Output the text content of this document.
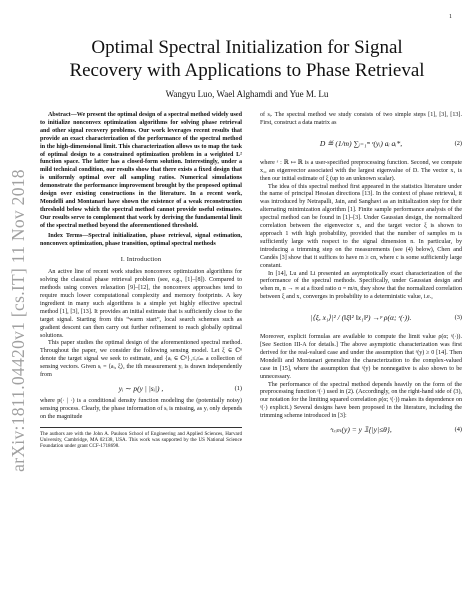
1
arXiv:1811.04420v1 [cs.IT] 11 Nov 2018
Optimal Spectral Initialization for Signal
Recovery with Applications to Phase Retrieval
Wangyu Luo, Wael Alghamdi and Yue M. Lu
Abstract—We present the optimal design of a spectral method widely used to initialize nonconvex optimization algorithms for solving phase retrieval and other signal recovery problems. Our work leverages recent results that provide an exact characterization of the performance of the spectral method in the high-dimensional limit. This characterization allows us to map the task of optimal design to a constrained optimization problem in a weighted L² function space. The latter has a closed-form solution. Interestingly, under a mild technical condition, our results show that there exists a fixed design that is uniformly optimal over all sampling ratios. Numerical simulations demonstrate the performance improvement brought by the proposed optimal design over existing constructions in the literature. In a recent work, Mondelli and Montanari have shown the existence of a weak reconstruction threshold below which the spectral method cannot provide useful estimates. Our results serve to complement that work by deriving the fundamental limit of the spectral method beyond the aforementioned threshold.
Index Terms—Spectral initialization, phase retrieval, signal estimation, nonconvex optimization, phase transition, optimal spectral methods
I. Introduction
An active line of recent work studies nonconvex optimization algorithms for solving the classical phase retrieval problem (see, e.g., [1]–[8]). Compared to methods using convex relaxation [9]–[12], the nonconvex approaches tend to require much lower computational complexity and memory footprints. A key ingredient in many such algorithms is a simple yet highly effective spectral method [1], [3], [13]. It provides an initial estimate that is sufficiently close to the target signal. Starting from this “warm start”, local search schemes such as gradient descent can then carry out further refinement to reach globally optimal solutions.
This paper studies the optimal design of the aforementioned spectral method. Throughout the paper, we consider the following sensing model. Let ξ ∈ ℂⁿ denote the target signal we seek to estimate, and {aᵢ ∈ ℂⁿ}₁≤ᵢ≤ₘ a collection of sensing vectors. Given sᵢ = ⟨aᵢ, ξ⟩, the ith measurement yᵢ is drawn independently from
yᵢ ∼ p(y | |sᵢ|) ,	(1)
where p(· | ·) is a conditional density function modeling the (potentially noisy) sensing process. Clearly, the phase information of sᵢ is missing, as yᵢ only depends on the magnitude
The authors are with the John A. Paulson School of Engineering and Applied Sciences, Harvard University, Cambridge, MA 02138, USA. This work was supported by the US National Science Foundation under grant CCF-1718698.
of sᵢ. The spectral method we study consists of two simple steps [1], [3], [13]. First, construct a data matrix as
D ≝ (1/m) ∑ᵢ₌₁ᵐ ᵋ(yᵢ) aᵢ aᵢ*,	(2)
where ᵋ : ℝ ↦ ℝ is a user-specified preprocessing function. Second, we compute x₁, an eigenvector associated with the largest eigenvalue of D. The vector x₁ is then our initial estimate of ξ (up to an unknown scalar).
The idea of this spectral method first appeared in the statistics literature under the name of principal Hessian directions [13]. In the context of phase retrieval, it was introduced by Netrapalli, Jain, and Sanghavi as an initialization step for their alternating minimization algorithm [1]. Finite sample performance analysis of the spectral method can be found in [1]–[3]. Under Gaussian design, the normalized correlation between the eigenvector x₁ and the target vector ξ is shown to approach 1 with high probability, provided that the number of samples m is sufficiently large with respect to the signal dimension n. In particular, by introducing a trimming step on the measurements (see (4) below), Chen and Candès [3] show that it suffices to have m ≥ cn, where c is some sufficiently large constant.
In [14], Lu and Li presented an asymptotically exact characterization of the performance of the spectral methods. Specifically, under Gaussian design and when m, n → ∞ at a fixed ratio α = m/n, they show that the normalized correlation between ξ and x₁ converges in probability to a deterministic value, i.e.,
|⟨ξ, x₁⟩|² / (‖ξ‖² ‖x₁‖²) →ᵖ ρ(α; ᵋ(·)).	(3)
Moreover, explicit formulas are available to compute the limit value ρ(α; ᵋ(·)). [See Section III-A for details.] The above asymptotic characterization was first derived for the real-valued case and under the assumption that ᵋ(y) ≥ 0 [14]. Then Mondelli and Montanari generalize the characterization to the complex-valued case in [15], where the assumption that ᵋ(y) be nonnegative is also shown to be unnecessary.
The performance of the spectral method depends heavily on the form of the preprocessing function ᵋ(·) used in (2). (Accordingly, on the right-hand side of (3), our notation for the limiting squared correlation ρ(α; ᵋ(·)) makes its dependence on ᵋ(·) explicit.) Several designs have been proposed in the literature, including the trimming scheme introduced in [3]:
ᵋₜᵣᵢₘ(y) = y 𝟙{|y|≤θ},	(4)
